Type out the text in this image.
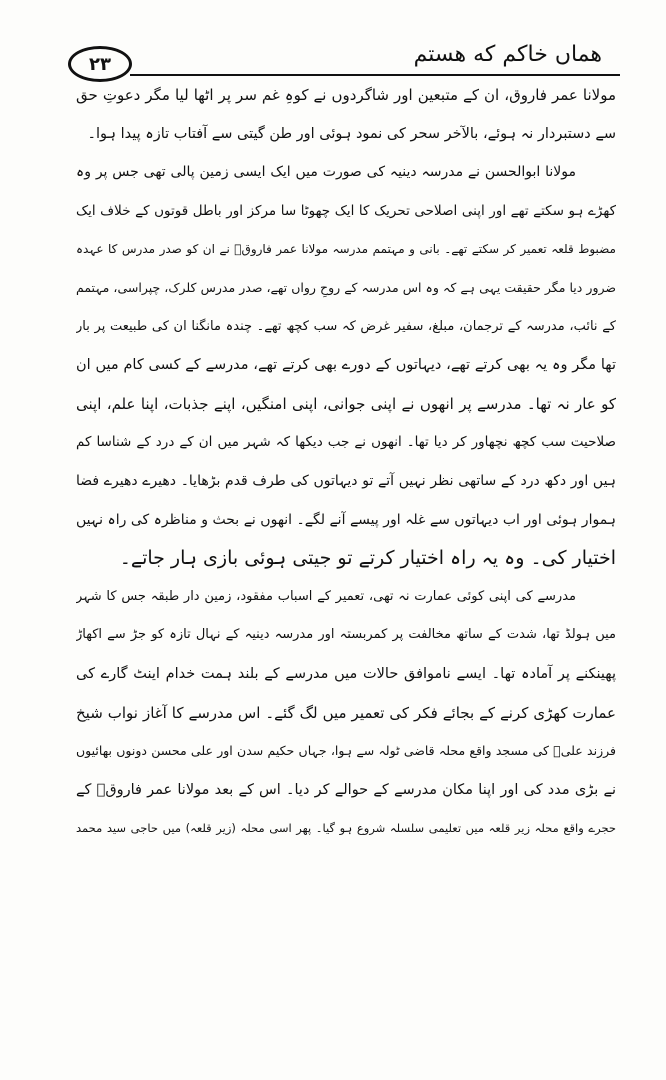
۲۳	هماں خاکم که هستم
مولانا عمر فاروق، ان کے متبعین اور شاگردوں نے کوہِ غم سر پر اٹھا لیا مگر دعوتِ حق
سے دستبردار نہ ہوئے، بالآخر سحر کی نمود ہوئی اور طن گیتی سے آفتاب تازہ پیدا ہوا۔
مولانا ابوالحسن نے مدرسہ دینیہ کی صورت میں ایک ایسی زمین پالی تھی جس پر وہ
کھڑے ہو سکتے تھے اور اپنی اصلاحی تحریک کا ایک چھوٹا سا مرکز اور باطل قوتوں کے خلاف ایک
مضبوط قلعہ تعمیر کر سکتے تھے۔ بانی و مہتمم مدرسہ مولانا عمر فاروقؒ نے ان کو صدر مدرس کا عہدہ
ضرور دیا مگر حقیقت یہی ہے کہ وہ اس مدرسہ کے روحِ رواں تھے، صدر مدرس کلرک، چپراسی، مہتمم
کے نائب، مدرسہ کے ترجمان، مبلغ، سفیر غرض کہ سب کچھ تھے۔ چندہ مانگنا ان کی طبیعت پر بار
تھا مگر وہ یہ بھی کرتے تھے، دیہاتوں کے دورے بھی کرتے تھے، مدرسے کے کسی کام میں ان
کو عار نہ تھا۔ مدرسے پر انھوں نے اپنی جوانی، اپنی امنگیں، اپنے جذبات، اپنا علم، اپنی
صلاحیت سب کچھ نچھاور کر دیا تھا۔ انھوں نے جب دیکھا کہ شہر میں ان کے درد کے شناسا کم
ہیں اور دکھ درد کے ساتھی نظر نہیں آتے تو دیہاتوں کی طرف قدم بڑھایا۔ دھیرے دھیرے فضا
ہموار ہوئی اور اب دیہاتوں سے غلہ اور پیسے آنے لگے۔ انھوں نے بحث و مناظرہ کی راہ نہیں
اختیار کی۔ وہ یہ راہ اختیار کرتے تو جیتی ہوئی بازی ہار جاتے۔
مدرسے کی اپنی کوئی عمارت نہ تھی، تعمیر کے اسباب مفقود، زمین دار طبقہ جس کا شہر
میں ہولڈ تھا، شدت کے ساتھ مخالفت پر کمربستہ اور مدرسہ دینیہ کے نہال تازہ کو جڑ سے اکھاڑ
پھینکنے پر آمادہ تھا۔ ایسے ناموافق حالات میں مدرسے کے بلند ہمت خدام اینٹ گارے کی
عمارت کھڑی کرنے کے بجائے فکر کی تعمیر میں لگ گئے۔ اس مدرسے کا آغاز نواب شیخ
فرزند علیؒ کی مسجد واقع محلہ قاضی ٹولہ سے ہوا، جہاں حکیم سدن اور علی محسن دونوں بھائیوں
نے بڑی مدد کی اور اپنا مکان مدرسے کے حوالے کر دیا۔ اس کے بعد مولانا عمر فاروقؒ کے
حجرے واقع محلہ زیر قلعہ میں تعلیمی سلسلہ شروع ہو گیا۔ پھر اسی محلہ (زیر قلعہ) میں حاجی سید محمد
